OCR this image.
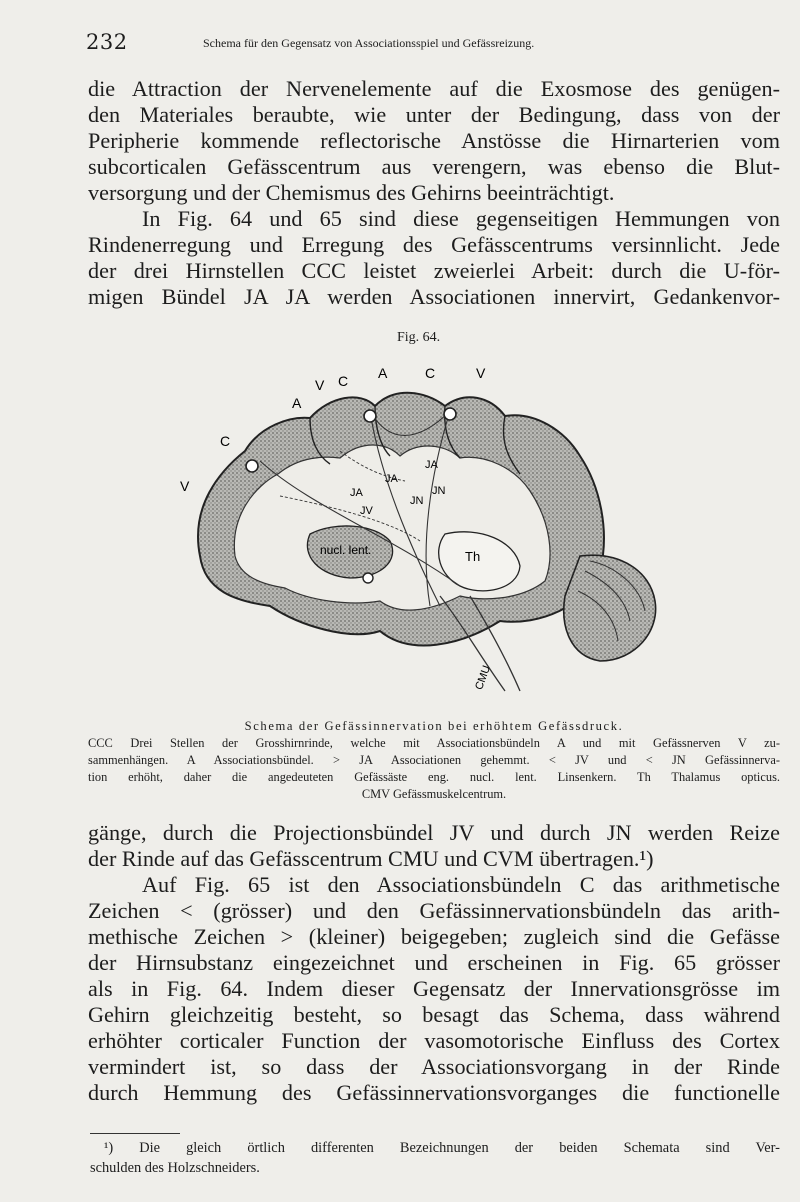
232	Schema für den Gegensatz von Associationsspiel und Gefässreizung.
die Attraction der Nervenelemente auf die Exosmose des genügen-
den Materiales beraubte, wie unter der Bedingung, dass von der
Peripherie kommende reflectorische Anstösse die Hirnarterien vom
subcorticalen Gefässcentrum aus verengern, was ebenso die Blut-
versorgung und der Chemismus des Gehirns beeinträchtigt.
In Fig. 64 und 65 sind diese gegenseitigen Hemmungen von
Rindenerregung und Erregung des Gefässcentrums versinnlicht. Jede
der drei Hirnstellen CCC leistet zweierlei Arbeit: durch die U-för-
migen Bündel JA JA werden Associationen innervirt, Gedankenvor-
Fig. 64.
V C A	C	V
A
C
V
JA
JA
JA
JV
JN
JN
nucl. lent.	Th
CMU
Schema der Gefässinnervation bei erhöhtem Gefässdruck.
CCC Drei Stellen der Grosshirnrinde, welche mit Associationsbündeln A und mit Gefässnerven V zu-
sammenhängen. A Associationsbündel. > JA Associationen gehemmt. < JV und < JN Gefässinnerva-
tion erhöht, daher die angedeuteten Gefässäste eng. nucl. lent. Linsenkern. Th Thalamus opticus.
CMV Gefässmuskelcentrum.
gänge, durch die Projectionsbündel JV und durch JN werden Reize
der Rinde auf das Gefässcentrum CMU und CVM übertragen.¹)
Auf Fig. 65 ist den Associationsbündeln C das arithmetische
Zeichen < (grösser) und den Gefässinnervationsbündeln das arith-
methische Zeichen > (kleiner) beigegeben; zugleich sind die Gefässe
der Hirnsubstanz eingezeichnet und erscheinen in Fig. 65 grösser
als in Fig. 64. Indem dieser Gegensatz der Innervationsgrösse im
Gehirn gleichzeitig besteht, so besagt das Schema, dass während
erhöhter corticaler Function der vasomotorische Einfluss des Cortex
vermindert ist, so dass der Associationsvorgang in der Rinde
durch Hemmung des Gefässinnervationsvorganges die functionelle
¹) Die gleich örtlich differenten Bezeichnungen der beiden Schemata sind Ver-
schulden des Holzschneiders.
